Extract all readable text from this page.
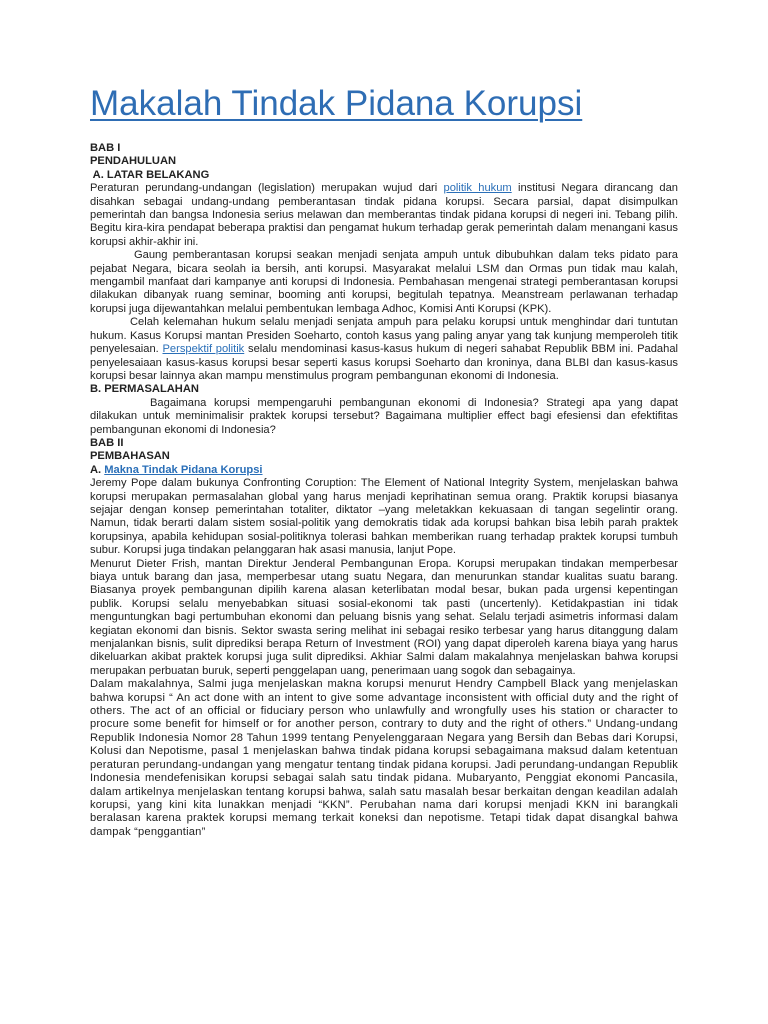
Makalah Tindak Pidana Korupsi
BAB I
PENDAHULUAN
A. LATAR BELAKANG

Peraturan perundang-undangan (legislation) merupakan wujud dari politik hukum institusi Negara dirancang dan disahkan sebagai undang-undang pemberantasan tindak pidana korupsi. Secara parsial, dapat disimpulkan pemerintah dan bangsa Indonesia serius melawan dan memberantas tindak pidana korupsi di negeri ini. Tebang pilih. Begitu kira-kira pendapat beberapa praktisi dan pengamat hukum terhadap gerak pemerintah dalam menangani kasus korupsi akhir-akhir ini.

Gaung pemberantasan korupsi seakan menjadi senjata ampuh untuk dibubuhkan dalam teks pidato para pejabat Negara, bicara seolah ia bersih, anti korupsi. Masyarakat melalui LSM dan Ormas pun tidak mau kalah, mengambil manfaat dari kampanye anti korupsi di Indonesia. Pembahasan mengenai strategi pemberantasan korupsi dilakukan dibanyak ruang seminar, booming anti korupsi, begitulah tepatnya. Meanstream perlawanan terhadap korupsi juga dijewantahkan melalui pembentukan lembaga Adhoc, Komisi Anti Korupsi (KPK).

Celah kelemahan hukum selalu menjadi senjata ampuh para pelaku korupsi untuk menghindar dari tuntutan hukum. Kasus Korupsi mantan Presiden Soeharto, contoh kasus yang paling anyar yang tak kunjung memperoleh titik penyelesaian. Perspektif politik selalu mendominasi kasus-kasus hukum di negeri sahabat Republik BBM ini. Padahal penyelesaiaan kasus-kasus korupsi besar seperti kasus korupsi Soeharto dan kroninya, dana BLBI dan kasus-kasus korupsi besar lainnya akan mampu menstimulus program pembangunan ekonomi di Indonesia.

B. PERMASALAHAN

Bagaimana korupsi mempengaruhi pembangunan ekonomi di Indonesia? Strategi apa yang dapat dilakukan untuk meminimalisir praktek korupsi tersebut? Bagaimana multiplier effect bagi efesiensi dan efektifitas pembangunan ekonomi di Indonesia?

BAB II
PEMBAHASAN
A. Makna Tindak Pidana Korupsi

Jeremy Pope dalam bukunya Confronting Coruption: The Element of National Integrity System, menjelaskan bahwa korupsi merupakan permasalahan global yang harus menjadi keprihatinan semua orang. Praktik korupsi biasanya sejajar dengan konsep pemerintahan totaliter, diktator –yang meletakkan kekuasaan di tangan segelintir orang. Namun, tidak berarti dalam sistem sosial-politik yang demokratis tidak ada korupsi bahkan bisa lebih parah praktek korupsinya, apabila kehidupan sosial-politiknya tolerasi bahkan memberikan ruang terhadap praktek korupsi tumbuh subur. Korupsi juga tindakan pelanggaran hak asasi manusia, lanjut Pope.

Menurut Dieter Frish, mantan Direktur Jenderal Pembangunan Eropa. Korupsi merupakan tindakan memperbesar biaya untuk barang dan jasa, memperbesar utang suatu Negara, dan menurunkan standar kualitas suatu barang. Biasanya proyek pembangunan dipilih karena alasan keterlibatan modal besar, bukan pada urgensi kepentingan publik. Korupsi selalu menyebabkan situasi sosial-ekonomi tak pasti (uncertenly). Ketidakpastian ini tidak menguntungkan bagi pertumbuhan ekonomi dan peluang bisnis yang sehat. Selalu terjadi asimetris informasi dalam kegiatan ekonomi dan bisnis. Sektor swasta sering melihat ini sebagai resiko terbesar yang harus ditanggung dalam menjalankan bisnis, sulit diprediksi berapa Return of Investment (ROI) yang dapat diperoleh karena biaya yang harus dikeluarkan akibat praktek korupsi juga sulit diprediksi. Akhiar Salmi dalam makalahnya menjelaskan bahwa korupsi merupakan perbuatan buruk, seperti penggelapan uang, penerimaan uang sogok dan sebagainya.

Dalam makalahnya, Salmi juga menjelaskan makna korupsi menurut Hendry Campbell Black yang menjelaskan bahwa korupsi “ An act done with an intent to give some advantage inconsistent with official duty and the right of others. The act of an official or fiduciary person who unlawfully and wrongfully uses his station or character to procure some benefit for himself or for another person, contrary to duty and the right of others.” Undang-undang Republik Indonesia Nomor 28 Tahun 1999 tentang Penyelenggaraan Negara yang Bersih dan Bebas dari Korupsi, Kolusi dan Nepotisme, pasal 1 menjelaskan bahwa tindak pidana korupsi sebagaimana maksud dalam ketentuan peraturan perundang-undangan yang mengatur tentang tindak pidana korupsi. Jadi perundang-undangan Republik Indonesia mendefenisikan korupsi sebagai salah satu tindak pidana. Mubaryanto, Penggiat ekonomi Pancasila, dalam artikelnya menjelaskan tentang korupsi bahwa, salah satu masalah besar berkaitan dengan keadilan adalah korupsi, yang kini kita lunakkan menjadi “KKN”. Perubahan nama dari korupsi menjadi KKN ini barangkali beralasan karena praktek korupsi memang terkait koneksi dan nepotisme. Tetapi tidak dapat disangkal bahwa dampak “penggantian”
